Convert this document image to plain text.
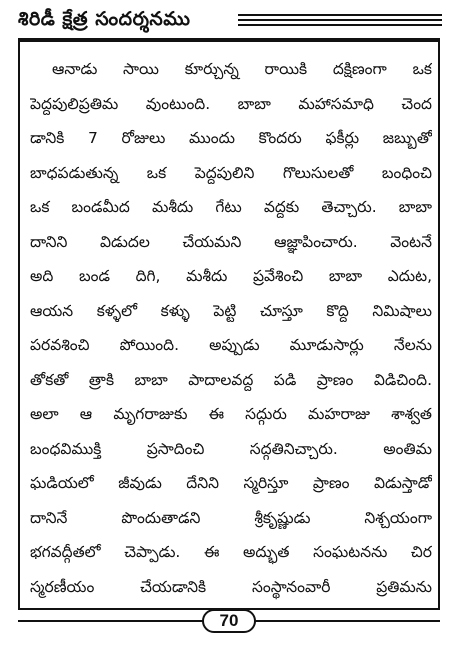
శిరిడీ క్షేత్ర సందర్శనము
ఆనాడు సాయి కూర్చున్న రాయికి దక్షిణంగా ఒక
పెద్దపులిప్రతిమ వుంటుంది. బాబా మహాసమాధి చెంద
డానికి 7 రోజులు ముందు కొందరు ఫకీర్లు జబ్బుతో
బాధపడుతున్న ఒక పెద్దపులిని గొలుసులతో బంధించి
ఒక బండమీద మశీదు గేటు వద్దకు తెచ్చారు. బాబా
దానిని విడుదల చేయమని ఆజ్ఞాపించారు. వెంటనే
అది బండ దిగి, మశీదు ప్రవేశించి బాబా ఎదుట,
ఆయన కళ్ళలో కళ్ళు పెట్టి చూస్తూ కొద్ది నిమిషాలు
పరవశించి పోయింది. అప్పుడు మూడుసార్లు నేలను
తోకతో త్రాకి బాబా పాదాలవద్ద పడి ప్రాణం విడిచింది.
అలా ఆ మృగరాజుకు ఈ సద్గురు మహరాజు శాశ్వత
బంధవిముక్తి ప్రసాదించి సద్గతినిచ్చారు. అంతిమ
ఘడియలో జీవుడు దేనిని స్మరిస్తూ ప్రాణం విడుస్తాడో
దానినే పొందుతాడని శ్రీకృష్ణుడు నిశ్చయంగా
భగవద్గీతలో చెప్పాడు. ఈ అద్భుత సంఘటనను చిర
స్మరణీయం చేయడానికి సంస్థానంవారీ ప్రతిమను
70
